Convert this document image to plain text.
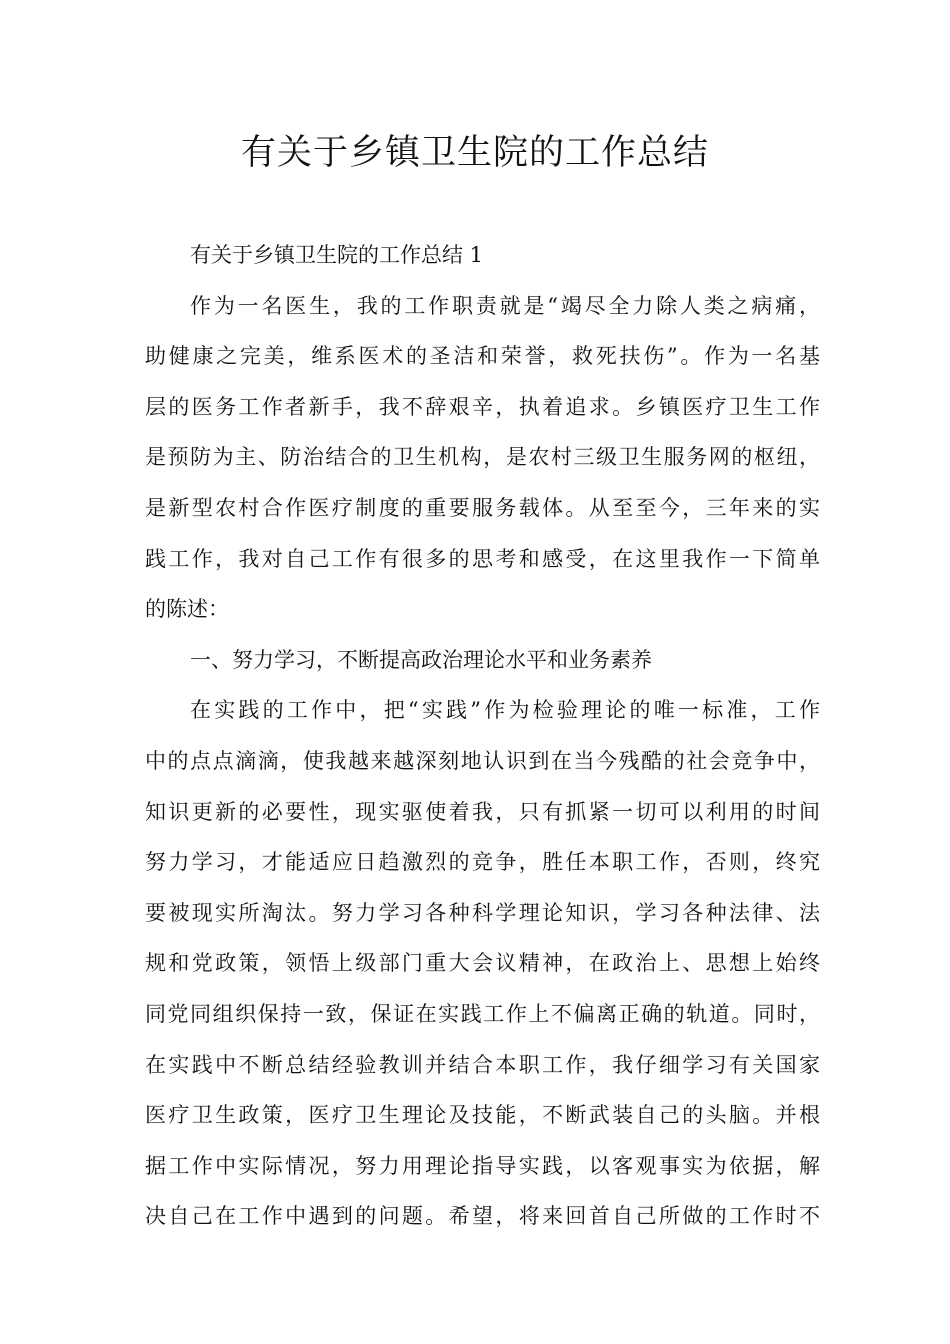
有关于乡镇卫生院的工作总结
有关于乡镇卫生院的工作总结 1
作为一名医生，我的工作职责就是“竭尽全力除人类之病痛，
助健康之完美，维系医术的圣洁和荣誉，救死扶伤”。作为一名基
层的医务工作者新手，我不辞艰辛，执着追求。乡镇医疗卫生工作
是预防为主、防治结合的卫生机构，是农村三级卫生服务网的枢纽，
是新型农村合作医疗制度的重要服务载体。从至至今，三年来的实
践工作，我对自己工作有很多的思考和感受，在这里我作一下简单
的陈述：
一、努力学习，不断提高政治理论水平和业务素养
在实践的工作中，把“实践”作为检验理论的唯一标准，工作
中的点点滴滴，使我越来越深刻地认识到在当今残酷的社会竞争中，
知识更新的必要性，现实驱使着我，只有抓紧一切可以利用的时间
努力学习，才能适应日趋激烈的竞争，胜任本职工作，否则，终究
要被现实所淘汰。努力学习各种科学理论知识，学习各种法律、法
规和党政策，领悟上级部门重大会议精神，在政治上、思想上始终
同党同组织保持一致，保证在实践工作上不偏离正确的轨道。同时，
在实践中不断总结经验教训并结合本职工作，我仔细学习有关国家
医疗卫生政策，医疗卫生理论及技能，不断武装自己的头脑。并根
据工作中实际情况，努力用理论指导实践，以客观事实为依据，解
决自己在工作中遇到的问题。希望，将来回首自己所做的工作时不
